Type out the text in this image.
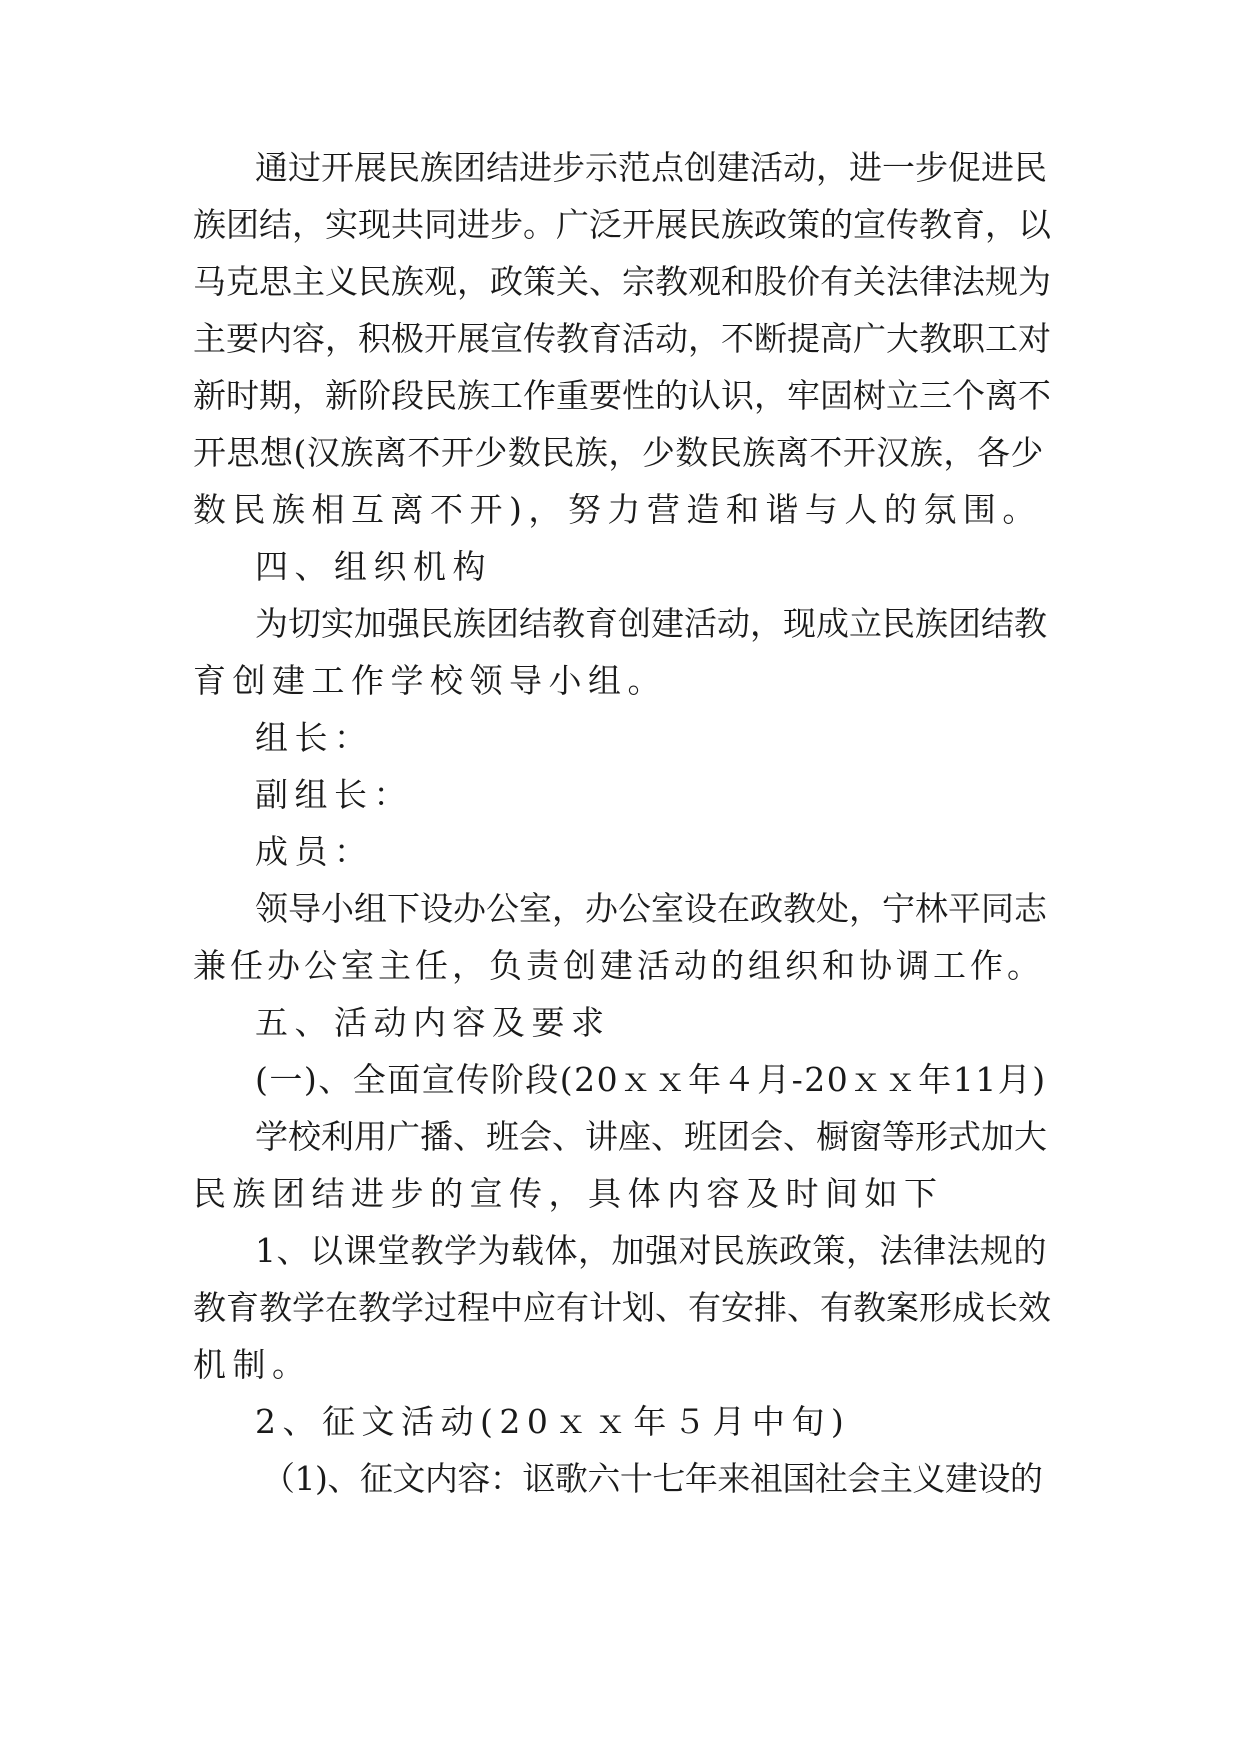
通过开展民族团结进步示范点创建活动，进一步促进民
族团结，实现共同进步。广泛开展民族政策的宣传教育，以
马克思主义民族观，政策关、宗教观和股价有关法律法规为
主要内容，积极开展宣传教育活动，不断提高广大教职工对
新时期，新阶段民族工作重要性的认识，牢固树立三个离不
开思想(汉族离不开少数民族，少数民族离不开汉族，各少
数民族相互离不开)，努力营造和谐与人的氛围。
四、组织机构
为切实加强民族团结教育创建活动，现成立民族团结教
育创建工作学校领导小组。
组长：
副组长：
成员：
领导小组下设办公室，办公室设在政教处，宁林平同志
兼任办公室主任，负责创建活动的组织和协调工作。
五、活动内容及要求
(一)、全面宣传阶段(20ｘｘ年４月-20ｘｘ年11月)
学校利用广播、班会、讲座、班团会、橱窗等形式加大
民族团结进步的宣传，具体内容及时间如下
1、以课堂教学为载体，加强对民族政策，法律法规的
教育教学在教学过程中应有计划、有安排、有教案形成长效
机制。
2、征文活动(20ｘｘ年５月中旬)
（1)、征文内容：讴歌六十七年来祖国社会主义建设的
